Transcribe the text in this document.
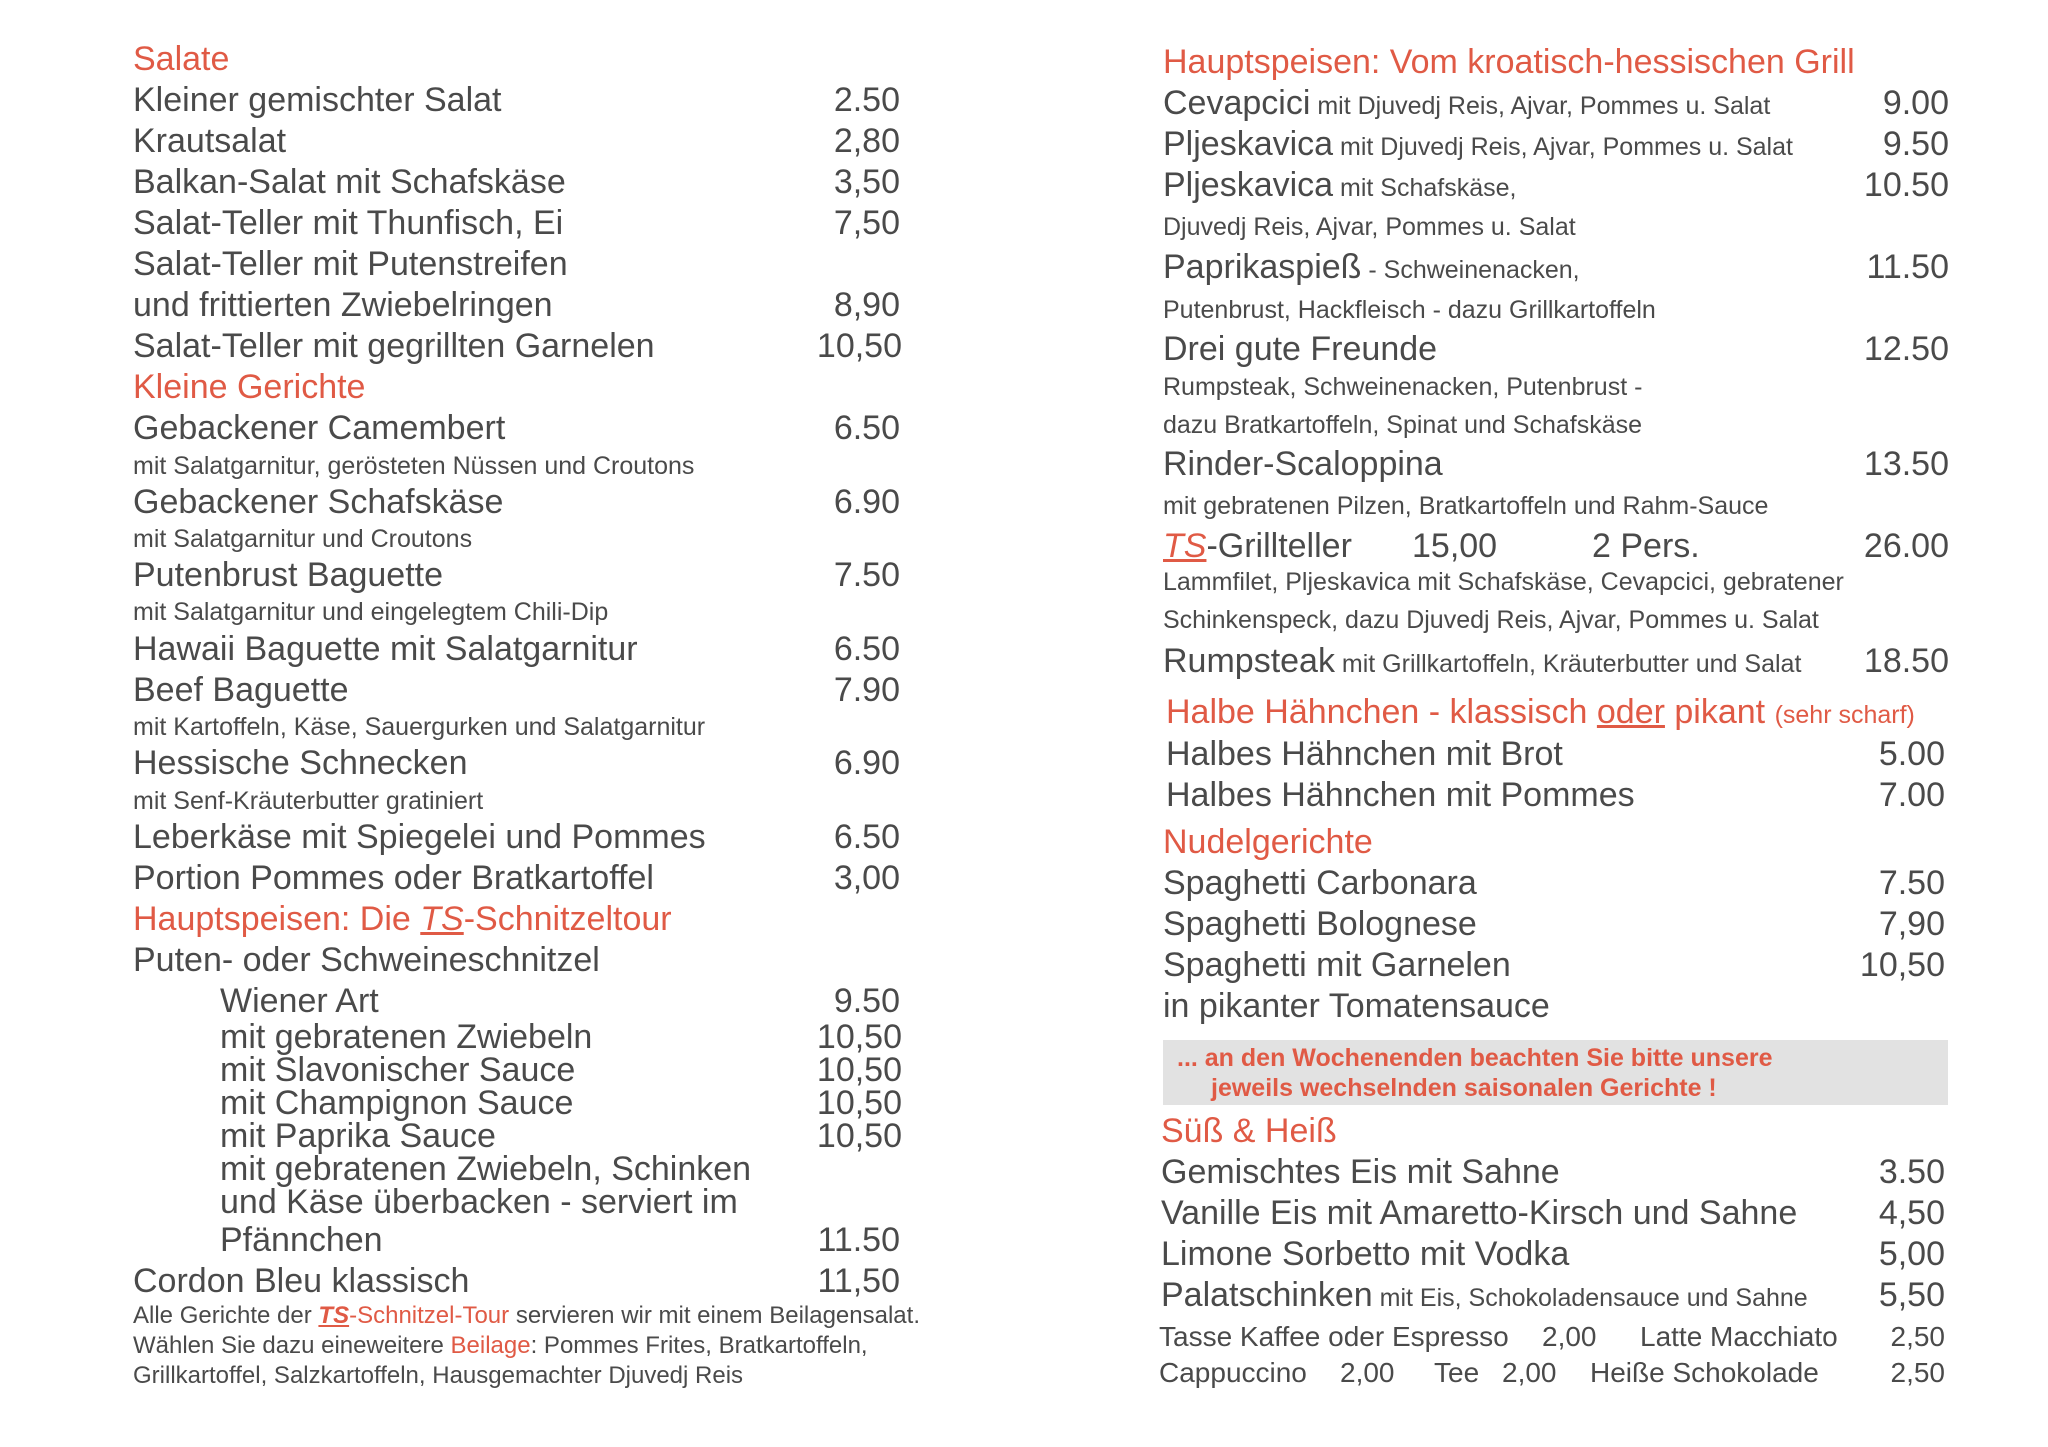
Salate
Kleiner gemischter Salat	2.50
Krautsalat	2,80
Balkan-Salat mit Schafskäse	3,50
Salat-Teller mit Thunfisch, Ei	7,50
Salat-Teller mit Putenstreifen
und frittierten Zwiebelringen	8,90
Salat-Teller mit gegrillten Garnelen	10,50
Kleine Gerichte
Gebackener Camembert	6.50
mit Salatgarnitur, gerösteten Nüssen und Croutons
Gebackener Schafskäse	6.90
mit Salatgarnitur und Croutons
Putenbrust Baguette	7.50
mit Salatgarnitur und eingelegtem Chili-Dip
Hawaii Baguette mit Salatgarnitur	6.50
Beef Baguette	7.90
mit Kartoffeln, Käse, Sauergurken und Salatgarnitur
Hessische Schnecken	6.90
mit Senf-Kräuterbutter gratiniert
Leberkäse mit Spiegelei und Pommes	6.50
Portion Pommes oder Bratkartoffel	3,00
Hauptspeisen: Die TS-Schnitzeltour
Puten- oder Schweineschnitzel
Wiener Art	9.50
mit gebratenen Zwiebeln	10,50
mit Slavonischer Sauce	10,50
mit Champignon Sauce	10,50
mit Paprika Sauce	10,50
mit gebratenen Zwiebeln, Schinken
und Käse überbacken - serviert im
Pfännchen	11.50
Cordon Bleu klassisch	11,50
Alle Gerichte der TS-Schnitzel-Tour servieren wir mit einem Beilagensalat.
Wählen Sie dazu eineweitere Beilage: Pommes Frites, Bratkartoffeln,
Grillkartoffel, Salzkartoffeln, Hausgemachter Djuvedj Reis
Hauptspeisen: Vom kroatisch-hessischen Grill
Cevapcici mit Djuvedj Reis, Ajvar, Pommes u. Salat	9.00
Pljeskavica mit Djuvedj Reis, Ajvar, Pommes u. Salat	9.50
Pljeskavica mit Schafskäse,	10.50
Djuvedj Reis, Ajvar, Pommes u. Salat
Paprikaspieß - Schweinenacken,	11.50
Putenbrust, Hackfleisch - dazu Grillkartoffeln
Drei gute Freunde	12.50
Rumpsteak, Schweinenacken, Putenbrust -
dazu Bratkartoffeln, Spinat und Schafskäse
Rinder-Scaloppina	13.50
mit gebratenen Pilzen, Bratkartoffeln und Rahm-Sauce
TS-Grillteller 15,00	2 Pers.	26.00
Lammfilet, Pljeskavica mit Schafskäse, Cevapcici, gebratener
Schinkenspeck, dazu Djuvedj Reis, Ajvar, Pommes u. Salat
Rumpsteak mit Grillkartoffeln, Kräuterbutter und Salat 18.50
Halbe Hähnchen - klassisch oder pikant (sehr scharf)
Halbes Hähnchen mit Brot	5.00
Halbes Hähnchen mit Pommes	7.00
Nudelgerichte
Spaghetti Carbonara	7.50
Spaghetti Bolognese	7,90
Spaghetti mit Garnelen	10,50
in pikanter Tomatensauce
... an den Wochenenden beachten Sie bitte unsere
jeweils wechselnden saisonalen Gerichte !
Süß & Heiß
Gemischtes Eis mit Sahne	3.50
Vanille Eis mit Amaretto-Kirsch und Sahne 4,50
Limone Sorbetto mit Vodka	5,00
Palatschinken mit Eis, Schokoladensauce und Sahne 5,50
Tasse Kaffee oder Espresso 2,00 Latte Macchiato 2,50
Cappuccino 2,00 Tee 2,00 Heiße Schokolade	2,50
